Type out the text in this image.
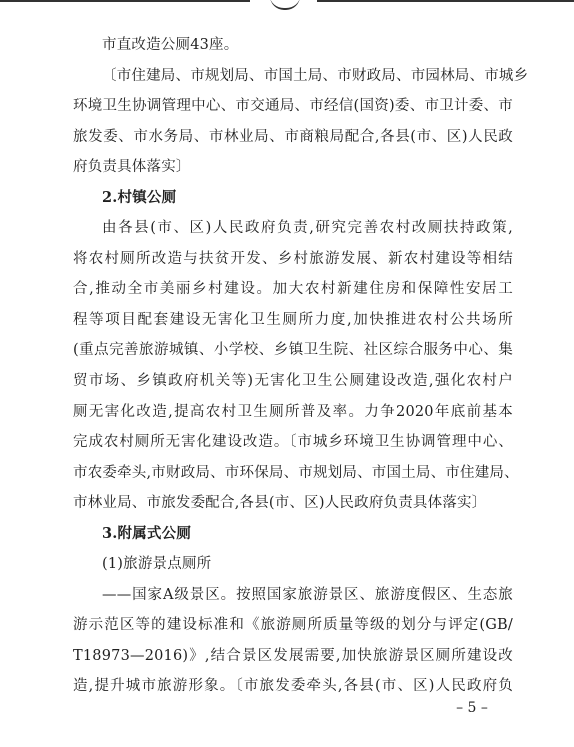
市直改造公厕43座。
〔市住建局、市规划局、市国土局、市财政局、市园林局、市城乡
环境卫生协调管理中心、市交通局、市经信(国资)委、市卫计委、市
旅发委、市水务局、市林业局、市商粮局配合,各县(市、区)人民政
府负责具体落实〕
2.村镇公厕
由各县(市、区)人民政府负责,研究完善农村改厕扶持政策,
将农村厕所改造与扶贫开发、乡村旅游发展、新农村建设等相结
合,推动全市美丽乡村建设。加大农村新建住房和保障性安居工
程等项目配套建设无害化卫生厕所力度,加快推进农村公共场所
(重点完善旅游城镇、小学校、乡镇卫生院、社区综合服务中心、集
贸市场、乡镇政府机关等)无害化卫生公厕建设改造,强化农村户
厕无害化改造,提高农村卫生厕所普及率。力争2020年底前基本
完成农村厕所无害化建设改造。〔市城乡环境卫生协调管理中心、
市农委牵头,市财政局、市环保局、市规划局、市国土局、市住建局、
市林业局、市旅发委配合,各县(市、区)人民政府负责具体落实〕
3.附属式公厕
(1)旅游景点厕所
——国家A级景区。按照国家旅游景区、旅游度假区、生态旅
游示范区等的建设标准和《旅游厕所质量等级的划分与评定(GB/
T18973—2016)》,结合景区发展需要,加快旅游景区厕所建设改
造,提升城市旅游形象。〔市旅发委牵头,各县(市、区)人民政府负
– 5 –
